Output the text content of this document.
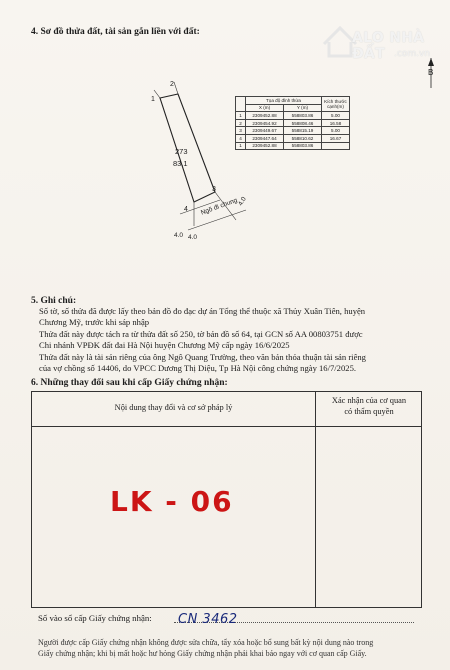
4. Sơ đồ thửa đất, tài sản gắn liền với đất:	ALO NHÀ ĐẤT .com.vn
B
2
1
3
4
273
83.1
Ngõ đi chung
4.0
4.0
4.0
	Tọa độ đỉnh thửa		Kích thước cạnh(m)
	X (m)	Y (m)	
1	2309452.88	558803.86	5.00
2	2309454.92	558808.46	16.58
3	2309449.67	558815.19	5.00
4	2309447.64	558810.62	16.67
1	2309452.88	558803.86	
5. Ghi chú:
Số tờ, số thửa đã được lấy theo bản đồ đo đạc dự án Tổng thể thuộc xã Thủy Xuân Tiên, huyện
Chương Mỹ, trước khi sáp nhập
Thửa đất này được tách ra từ thửa đất số 250, tờ bản đồ số 64, tại GCN số AA 00803751 được
Chi nhánh VPĐK đất đai Hà Nội huyện Chương Mỹ cấp ngày 16/6/2025
Thửa đất này là tài sản riêng của ông Ngô Quang Trường, theo văn bản thỏa thuận tài sản riêng
của vợ chồng số 14406, do VPCC Dương Thị Diệu, Tp Hà Nội công chứng ngày 16/7/2025.
6. Những thay đổi sau khi cấp Giấy chứng nhận:
Nội dung thay đổi và cơ sở pháp lý
Xác nhận của cơ quan
có thẩm quyền
LK - 06
Số vào sổ cấp Giấy chứng nhận: CN 3462
Người được cấp Giấy chứng nhận không được sửa chữa, tẩy xóa hoặc bổ sung bất kỳ nội dung nào trong
Giấy chứng nhận; khi bị mất hoặc hư hỏng Giấy chứng nhận phải khai báo ngay với cơ quan cấp Giấy.
